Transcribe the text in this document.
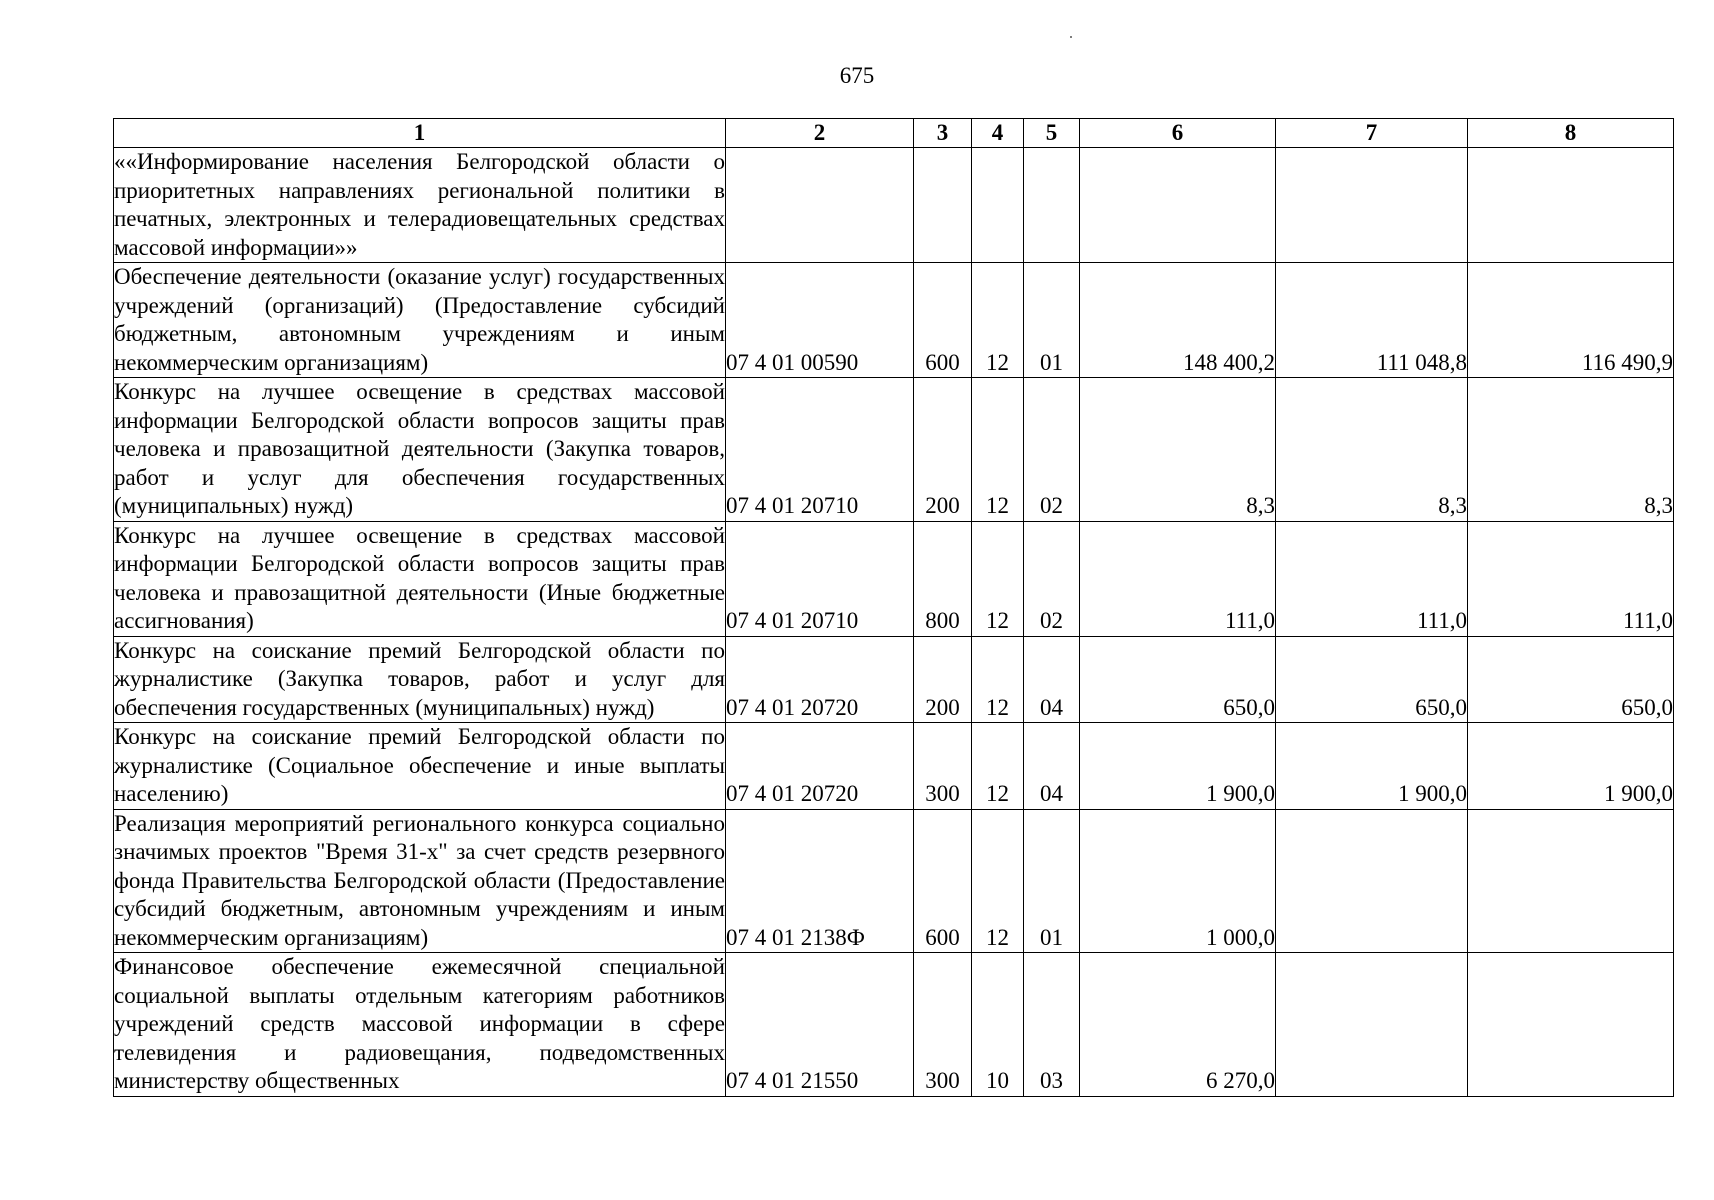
675
1	2	3	4	5	6	7	8
««Информирование населения Белгородской области о приоритетных направлениях региональной политики в печатных, электронных и телерадиовещательных средствах массовой информации»»							
Обеспечение деятельности (оказание услуг) государственных учреждений (организаций) (Предоставление субсидий бюджетным, автономным учреждениям и иным некоммерческим организациям)	07 4 01 00590	600	12	01	148 400,2	111 048,8	116 490,9
Конкурс на лучшее освещение в средствах массовой информации Белгородской области вопросов защиты прав человека и правозащитной деятельности (Закупка товаров, работ и услуг для обеспечения государственных (муниципальных) нужд)	07 4 01 20710	200	12	02	8,3	8,3	8,3
Конкурс на лучшее освещение в средствах массовой информации Белгородской области вопросов защиты прав человека и правозащитной деятельности (Иные бюджетные ассигнования)	07 4 01 20710	800	12	02	111,0	111,0	111,0
Конкурс на соискание премий Белгородской области по журналистике (Закупка товаров, работ и услуг для обеспечения государственных (муниципальных) нужд)	07 4 01 20720	200	12	04	650,0	650,0	650,0
Конкурс на соискание премий Белгородской области по журналистике (Социальное обеспечение и иные выплаты населению)	07 4 01 20720	300	12	04	1 900,0	1 900,0	1 900,0
Реализация мероприятий регионального конкурса социально значимых проектов "Время 31-х" за счет средств резервного фонда Правительства Белгородской области (Предоставление субсидий бюджетным, автономным учреждениям и иным некоммерческим организациям)	07 4 01 2138Ф	600	12	01	1 000,0		
Финансовое обеспечение ежемесячной специальной социальной выплаты отдельным категориям работников учреждений средств массовой информации в сфере телевидения и радиовещания, подведомственных министерству общественных	07 4 01 21550	300	10	03	6 270,0		
